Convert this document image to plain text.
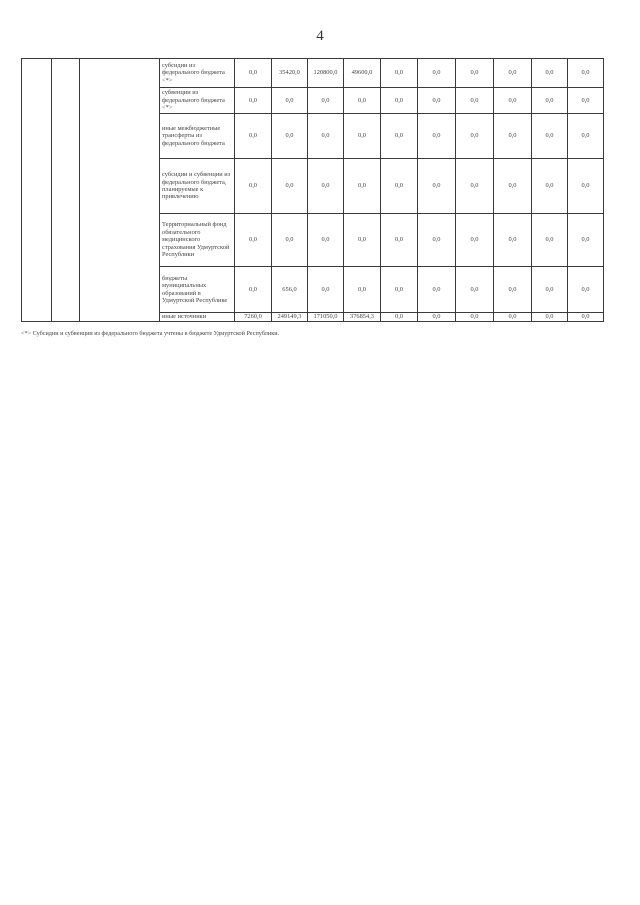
4
			субсидии из федерального бюджета <*>	0,0	35420,0	120800,0	49600,0	0,0	0,0	0,0	0,0	0,0	0,0
			субвенции из федерального бюджета <*>	0,0	0,0	0,0	0,0	0,0	0,0	0,0	0,0	0,0	0,0
			иные межбюджетные трансферты из федерального бюджета	0,0	0,0	0,0	0,0	0,0	0,0	0,0	0,0	0,0	0,0
			субсидии и субвенции из федерального бюджета, планируемые к привлечению	0,0	0,0	0,0	0,0	0,0	0,0	0,0	0,0	0,0	0,0
			Территориальный фонд обязательного медицинского страхования Удмуртской Республики	0,0	0,0	0,0	0,0	0,0	0,0	0,0	0,0	0,0	0,0
			бюджеты муниципальных образований в Удмуртской Республике	0,0	656,0	0,0	0,0	0,0	0,0	0,0	0,0	0,0	0,0
			иные источники	7260,0	249149,3	171050,0	376854,3	0,0	0,0	0,0	0,0	0,0	0,0
<*> Субсидии и субвенции из федерального бюджета учтены в бюджете Удмуртской Республики.
